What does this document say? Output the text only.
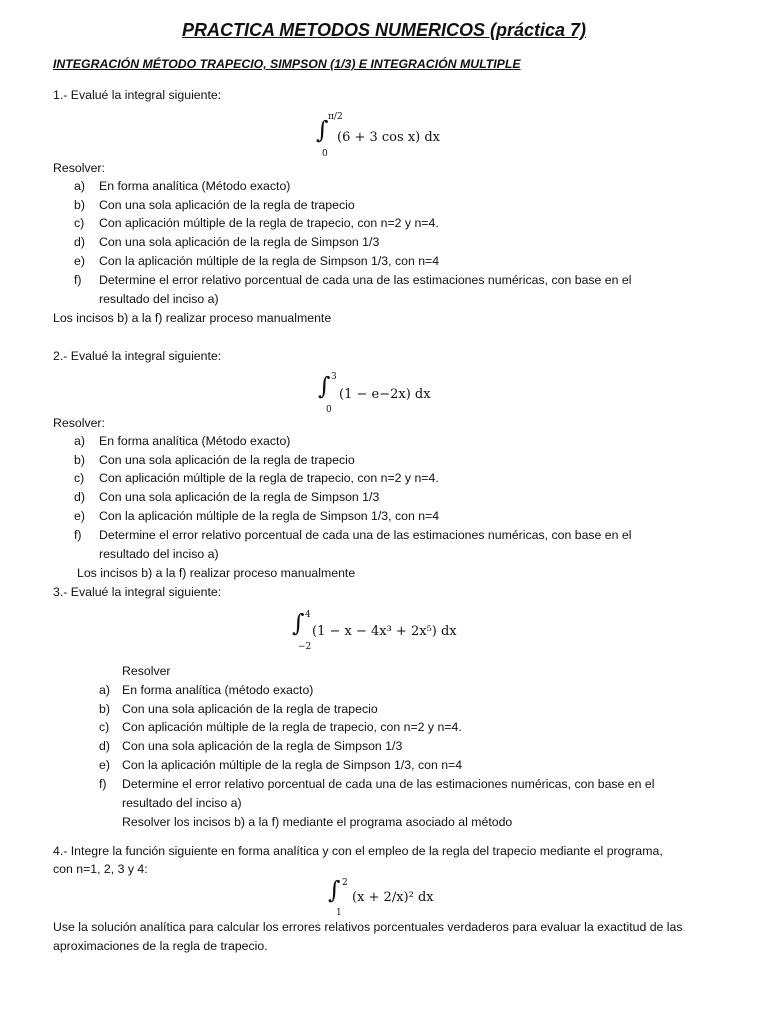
PRACTICA METODOS NUMERICOS (práctica 7)
INTEGRACIÓN MÉTODO TRAPECIO, SIMPSON (1/3) E INTEGRACIÓN MULTIPLE
1.- Evalué la integral siguiente:
∫ π/2
0
(6 + 3 cos x) dx
Resolver:
a) En forma analítica (Método exacto)
b) Con una sola aplicación de la regla de trapecio
c) Con aplicación múltiple de la regla de trapecio, con n=2 y n=4.
d) Con una sola aplicación de la regla de Simpson 1/3
e) Con la aplicación múltiple de la regla de Simpson 1/3, con n=4
f) Determine el error relativo porcentual de cada una de las estimaciones numéricas, con base en el
resultado del inciso a)
Los incisos b) a la f) realizar proceso manualmente
2.- Evalué la integral siguiente:
∫ 3
0
(1 − e−2x) dx
Resolver:
a) En forma analítica (Método exacto)
b) Con una sola aplicación de la regla de trapecio
c) Con aplicación múltiple de la regla de trapecio, con n=2 y n=4.
d) Con una sola aplicación de la regla de Simpson 1/3
e) Con la aplicación múltiple de la regla de Simpson 1/3, con n=4
f) Determine el error relativo porcentual de cada una de las estimaciones numéricas, con base en el
resultado del inciso a)
Los incisos b) a la f) realizar proceso manualmente
3.- Evalué la integral siguiente:
∫ 4
−2
(1 − x − 4x³ + 2x⁵) dx
Resolver
a) En forma analítica (método exacto)
b) Con una sola aplicación de la regla de trapecio
c) Con aplicación múltiple de la regla de trapecio, con n=2 y n=4.
d) Con una sola aplicación de la regla de Simpson 1/3
e) Con la aplicación múltiple de la regla de Simpson 1/3, con n=4
f) Determine el error relativo porcentual de cada una de las estimaciones numéricas, con base en el
resultado del inciso a)
Resolver los incisos b) a la f) mediante el programa asociado al método
4.- Integre la función siguiente en forma analítica y con el empleo de la regla del trapecio mediante el programa,
con n=1, 2, 3 y 4:
∫ 2
1
(x + 2/x)² dx
Use la solución analítica para calcular los errores relativos porcentuales verdaderos para evaluar la exactitud de las
aproximaciones de la regla de trapecio.
